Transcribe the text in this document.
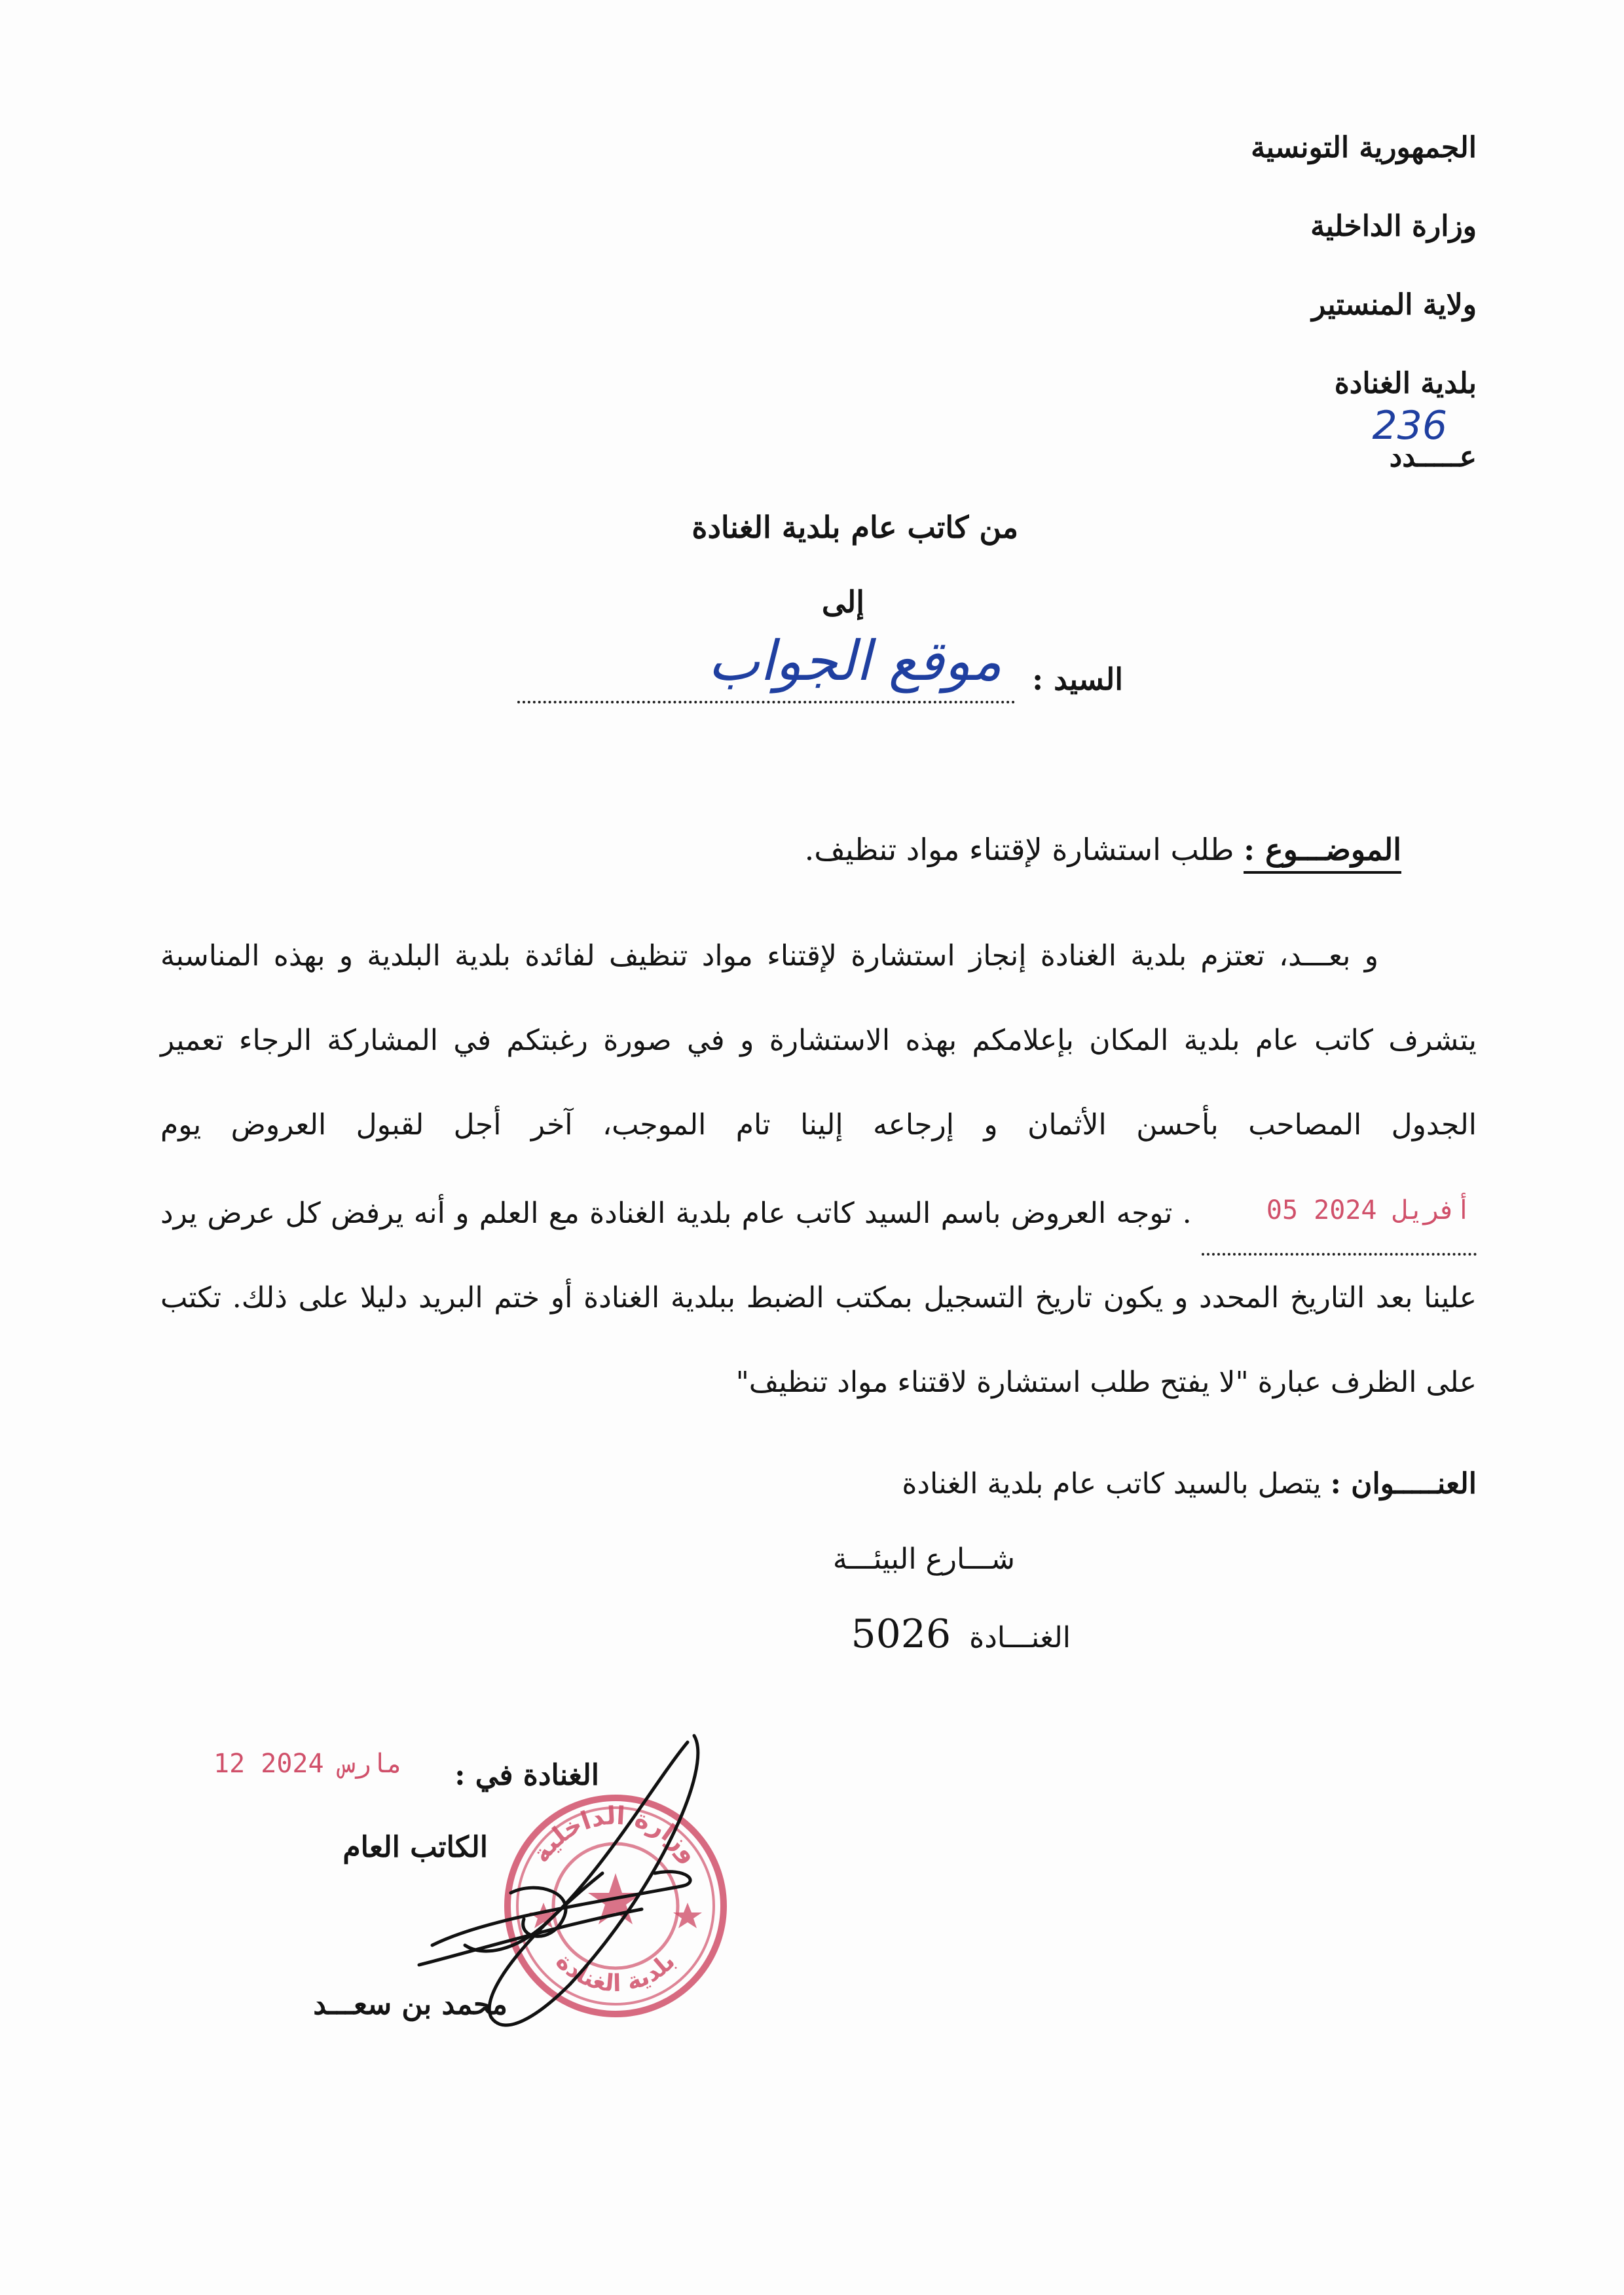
الجمهورية التونسية
وزارة الداخلية
ولاية المنستير
بلدية الغنادة
عـــــدد
236
من كاتب عام بلدية الغنادة
إلى
السيد :
موقع الجواب
الموضـــوع : طلب استشارة لإقتناء مواد تنظيف.

و بعـــد، تعتزم بلدية الغنادة إنجاز استشارة لإقتناء مواد تنظيف لفائدة بلدية البلدية و بهذه المناسبة يتشرف كاتب عام بلدية المكان بإعلامكم بهذه الاستشارة و في صورة رغبتكم في المشاركة الرجاء تعمير الجدول المصاحب بأحسن الأثمان و إرجاعه إلينا تام الموجب، آخر أجل لقبول العروض يوم 05 أفريل 2024 . توجه العروض باسم السيد كاتب عام بلدية الغنادة مع العلم و أنه يرفض كل عرض يرد علينا بعد التاريخ المحدد و يكون تاريخ التسجيل بمكتب الضبط ببلدية الغنادة أو ختم البريد دليلا على ذلك. تكتب على الظرف عبارة "لا يفتح طلب استشارة لاقتناء مواد تنظيف"

العنـــــوان : يتصل بالسيد كاتب عام بلدية الغنادة
شـــارع البيئـــة
الغنـــادة 5026
الغنادة في :
12 مارس 2024
الكاتب العام
محمد بن سعـــد
وزارة الداخلية
بلدية الغنادة
